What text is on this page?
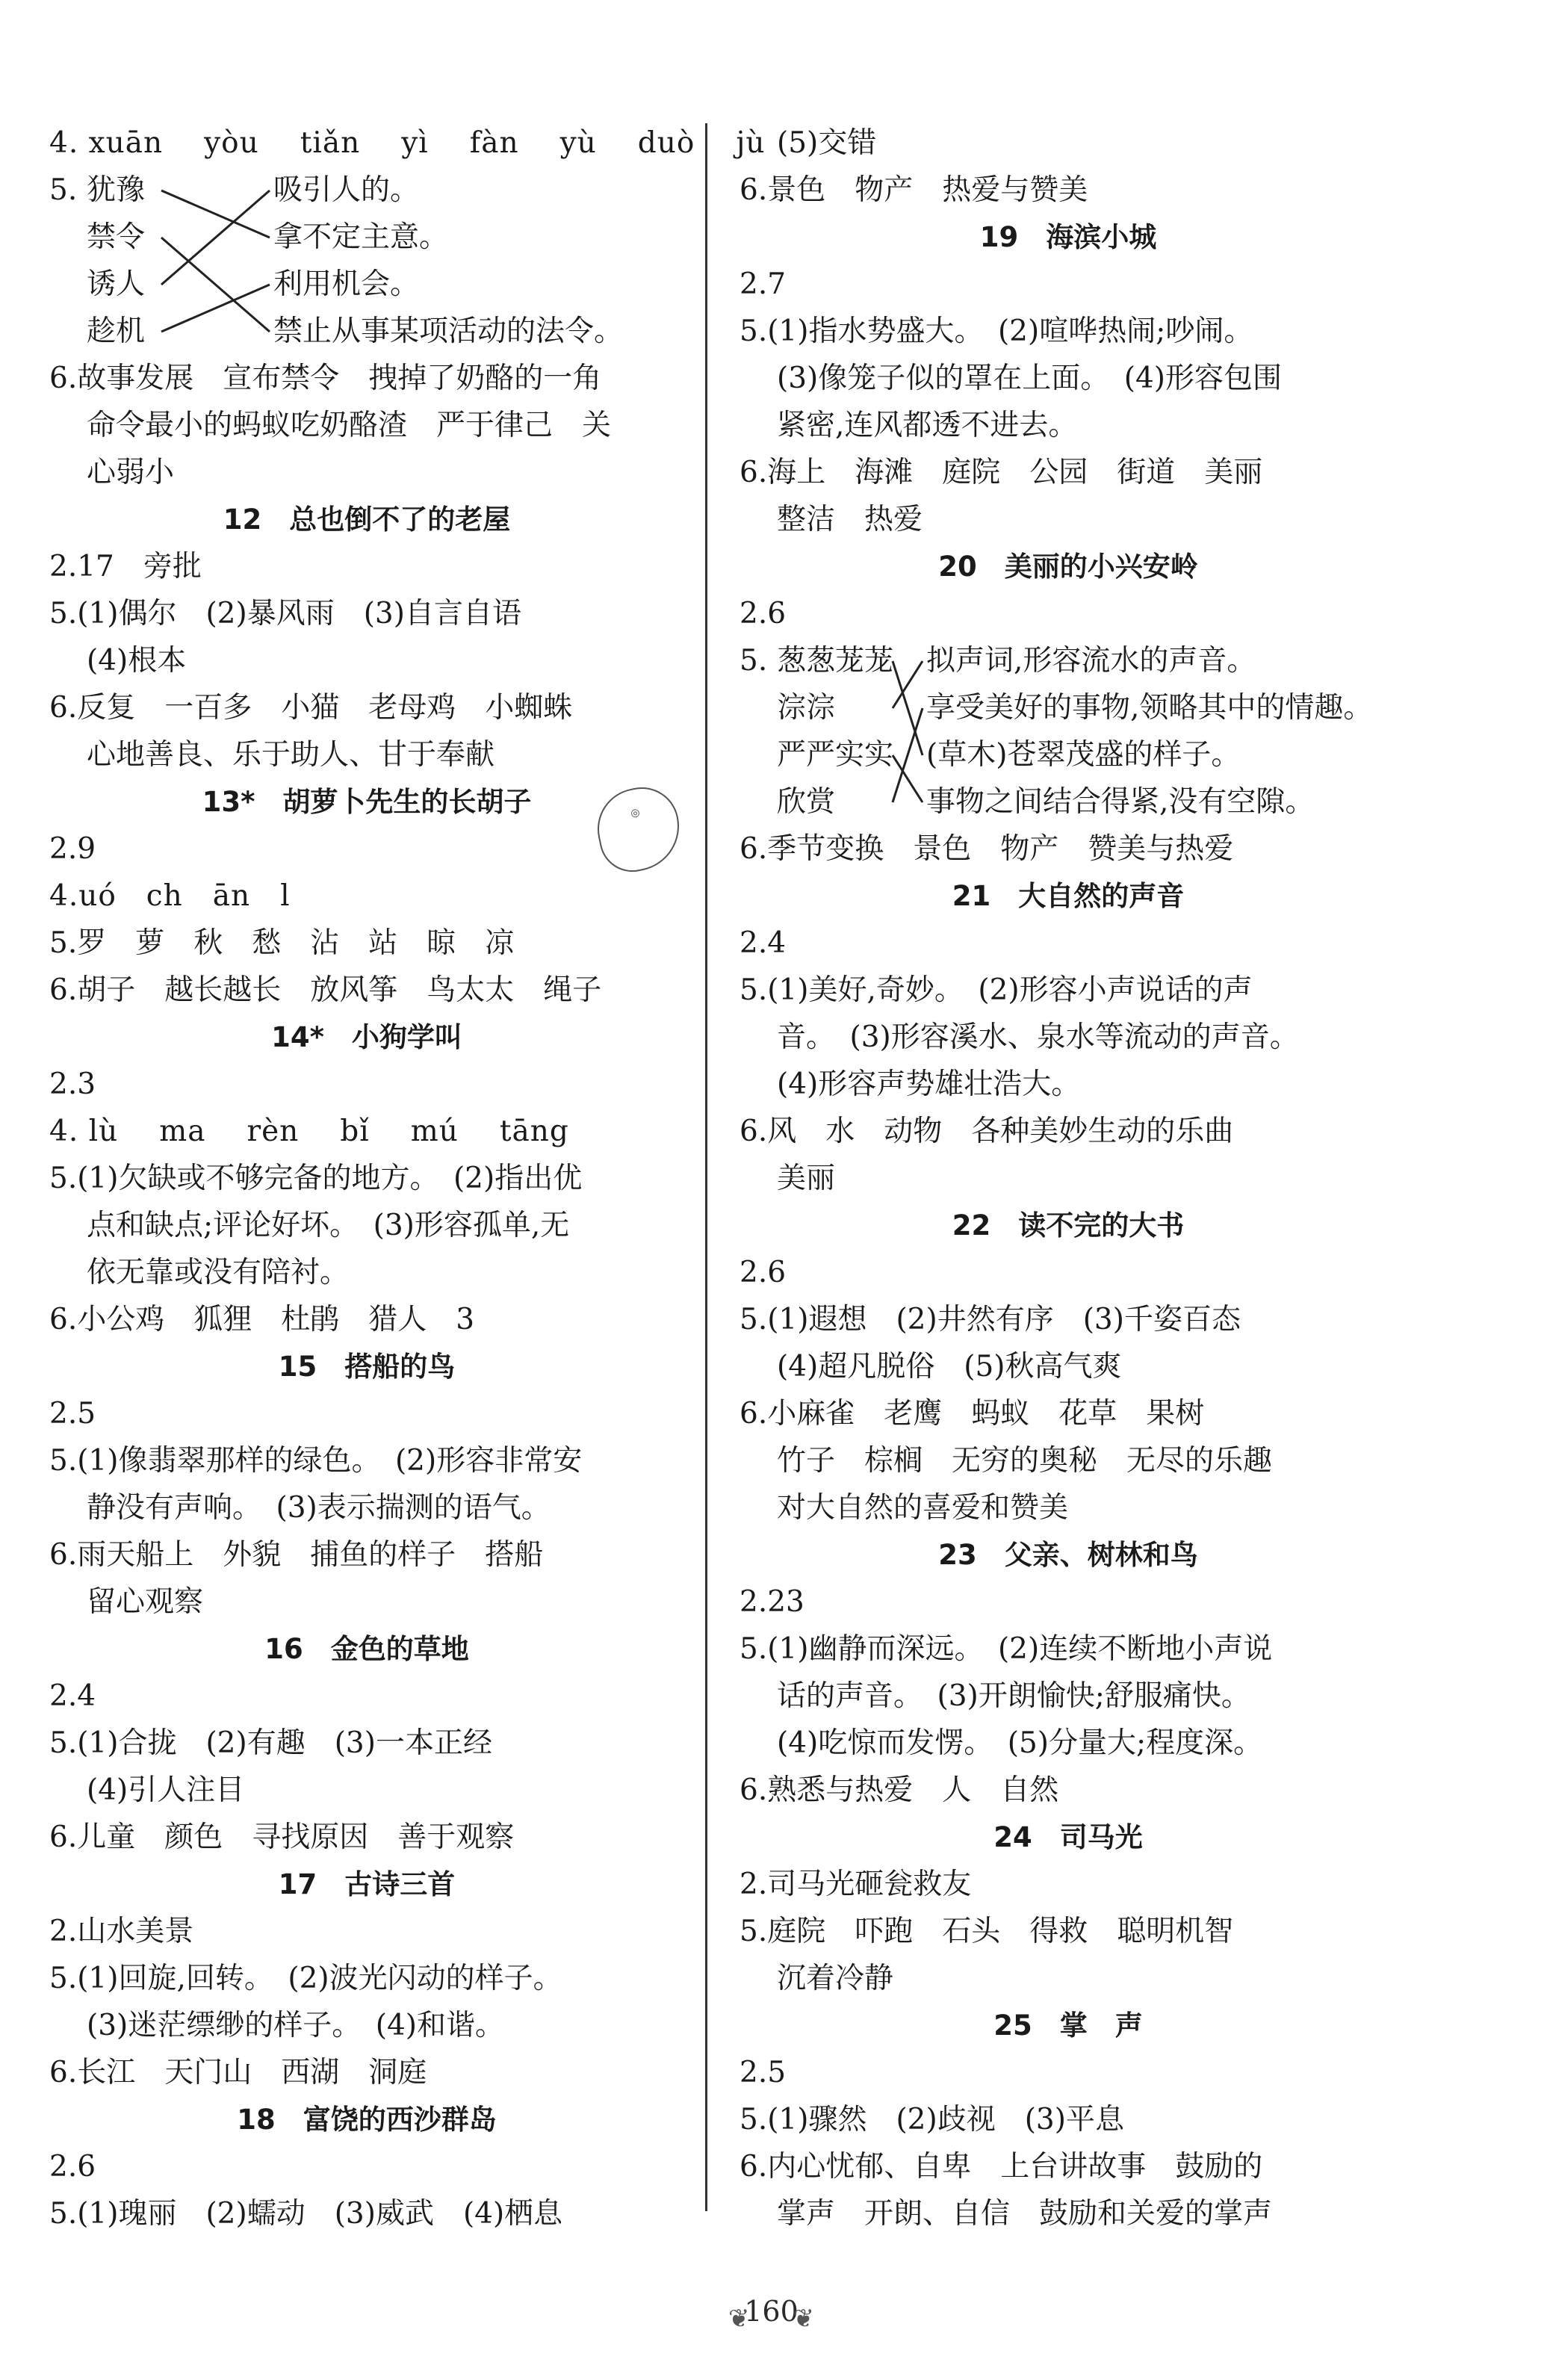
4. xuān yòu tiǎn yì fàn yù duò jù
5. 犹豫
禁令
诱人
趁机
吸引人的。
拿不定主意。
利用机会。
禁止从事某项活动的法令。
6.故事发展　宣布禁令　拽掉了奶酪的一角
命令最小的蚂蚁吃奶酪渣　严于律己　关
心弱小
12　总也倒不了的老屋
2.17　旁批
5.(1)偶尔　(2)暴风雨　(3)自言自语
(4)根本
6.反复　一百多　小猫　老母鸡　小蜘蛛
心地善良、乐于助人、甘于奉献
13*　胡萝卜先生的长胡子
2.9
4.uó　ch　ān　l
5.罗　萝　秋　愁　沾　站　晾　凉
6.胡子　越长越长　放风筝　鸟太太　绳子
14*　小狗学叫
2.3
4. lù ma rèn bǐ mú tāng
5.(1)欠缺或不够完备的地方。　(2)指出优
点和缺点;评论好坏。　(3)形容孤单,无
依无靠或没有陪衬。
6.小公鸡　狐狸　杜鹃　猎人　3
15　搭船的鸟
2.5
5.(1)像翡翠那样的绿色。　(2)形容非常安
静没有声响。　(3)表示揣测的语气。
6.雨天船上　外貌　捕鱼的样子　搭船
留心观察
16　金色的草地
2.4
5.(1)合拢　(2)有趣　(3)一本正经
(4)引人注目
6.儿童　颜色　寻找原因　善于观察
17　古诗三首
2.山水美景
5.(1)回旋,回转。　(2)波光闪动的样子。
(3)迷茫缥缈的样子。　(4)和谐。
6.长江　天门山　西湖　洞庭
18　富饶的西沙群岛
2.6
5.(1)瑰丽　(2)蠕动　(3)威武　(4)栖息
(5)交错
6.景色　物产　热爱与赞美
19　海滨小城
2.7
5.(1)指水势盛大。　(2)喧哗热闹;吵闹。
(3)像笼子似的罩在上面。　(4)形容包围
紧密,连风都透不进去。
6.海上　海滩　庭院　公园　街道　美丽
整洁　热爱
20　美丽的小兴安岭
2.6
5. 葱葱茏茏
淙淙
严严实实
欣赏
拟声词,形容流水的声音。
享受美好的事物,领略其中的情趣。
(草木)苍翠茂盛的样子。
事物之间结合得紧,没有空隙。
6.季节变换　景色　物产　赞美与热爱
21　大自然的声音
2.4
5.(1)美好,奇妙。　(2)形容小声说话的声
音。　(3)形容溪水、泉水等流动的声音。
(4)形容声势雄壮浩大。
6.风　水　动物　各种美妙生动的乐曲
美丽
22　读不完的大书
2.6
5.(1)遐想　(2)井然有序　(3)千姿百态
(4)超凡脱俗　(5)秋高气爽
6.小麻雀　老鹰　蚂蚁　花草　果树
竹子　棕榈　无穷的奥秘　无尽的乐趣
对大自然的喜爱和赞美
23　父亲、树林和鸟
2.23
5.(1)幽静而深远。　(2)连续不断地小声说
话的声音。　(3)开朗愉快;舒服痛快。
(4)吃惊而发愣。　(5)分量大;程度深。
6.熟悉与热爱　人　自然
24　司马光
2.司马光砸瓮救友
5.庭院　吓跑　石头　得救　聪明机智
沉着冷静
25　掌　声
2.5
5.(1)骤然　(2)歧视　(3)平息
6.内心忧郁、自卑　上台讲故事　鼓励的
掌声　开朗、自信　鼓励和关爱的掌声
◎

❦
160
❦
